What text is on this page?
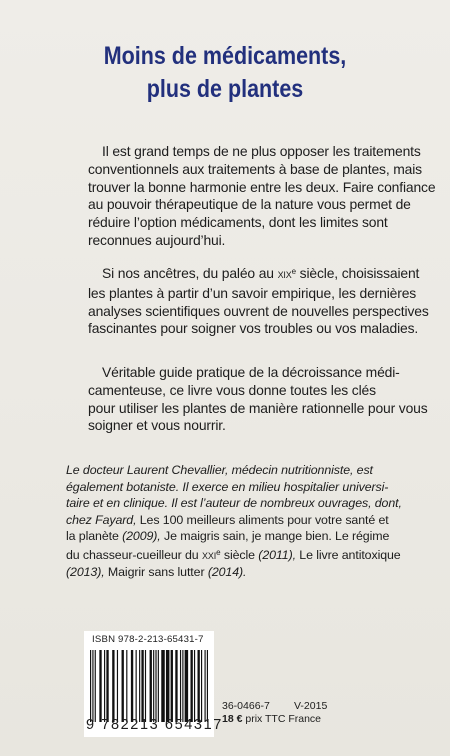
Moins de médicaments,
plus de plantes
Il est grand temps de ne plus opposer les traitements
conventionnels aux traitements à base de plantes, mais
trouver la bonne harmonie entre les deux. Faire confiance
au pouvoir thérapeutique de la nature vous permet de
réduire l’option médicaments, dont les limites sont
reconnues aujourd’hui.
Si nos ancêtres, du paléo au XIXe siècle, choisissaient
les plantes à partir d’un savoir empirique, les dernières
analyses scientifiques ouvrent de nouvelles perspectives
fascinantes pour soigner vos troubles ou vos maladies.
Véritable guide pratique de la décroissance médi-
camenteuse, ce livre vous donne toutes les clés
pour utiliser les plantes de manière rationnelle pour vous
soigner et vous nourrir.
Le docteur Laurent Chevallier, médecin nutritionniste, est
également botaniste. Il exerce en milieu hospitalier universi-
taire et en clinique. Il est l’auteur de nombreux ouvrages, dont,
chez Fayard, Les 100 meilleurs aliments pour votre santé et
la planète (2009), Je maigris sain, je mange bien. Le régime
du chasseur-cueilleur du XXIe siècle (2011), Le livre antitoxique
(2013), Maigrir sans lutter (2014).
ISBN 978-2-213-65431-7
9 782213 654317
36-0466-7 V-2015
18 € prix TTC France
